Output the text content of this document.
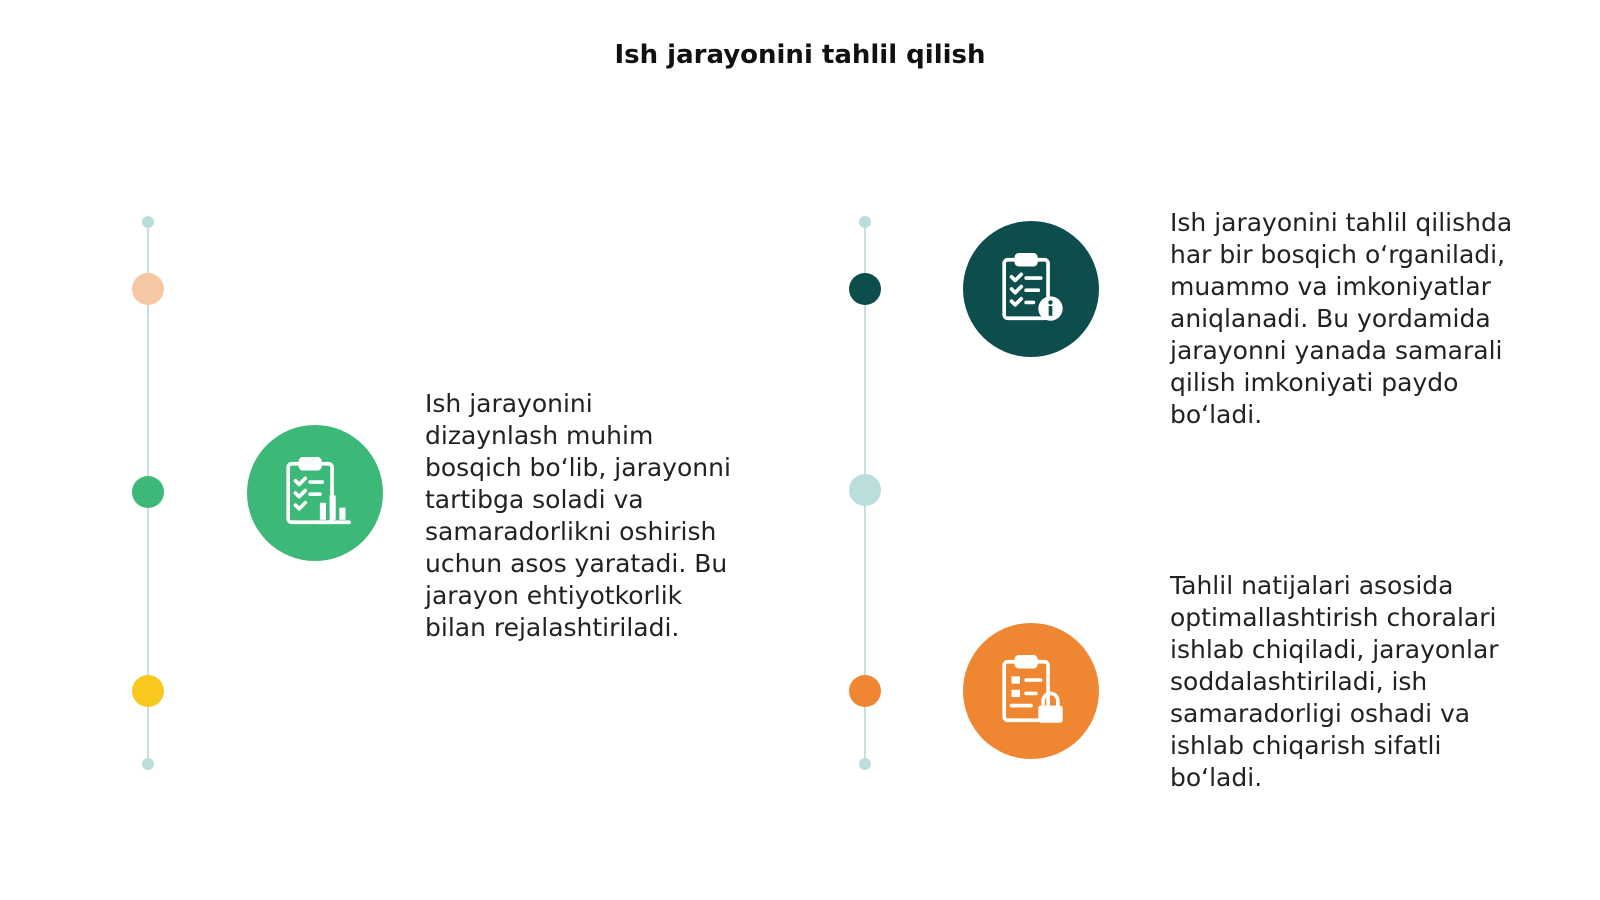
Ish jarayonini tahlil qilish

Ish jarayonini
dizaynlash muhim
bosqich bo‘lib, jarayonni
tartibga soladi va
samaradorlikni oshirish
uchun asos yaratadi. Bu
jarayon ehtiyotkorlik
bilan rejalashtiriladi.

Ish jarayonini tahlil qilishda
har bir bosqich o‘rganiladi,
muammo va imkoniyatlar
aniqlanadi. Bu yordamida
jarayonni yanada samarali
qilish imkoniyati paydo
bo‘ladi.

Tahlil natijalari asosida
optimallashtirish choralari
ishlab chiqiladi, jarayonlar
soddalashtiriladi, ish
samaradorligi oshadi va
ishlab chiqarish sifatli
bo‘ladi.
